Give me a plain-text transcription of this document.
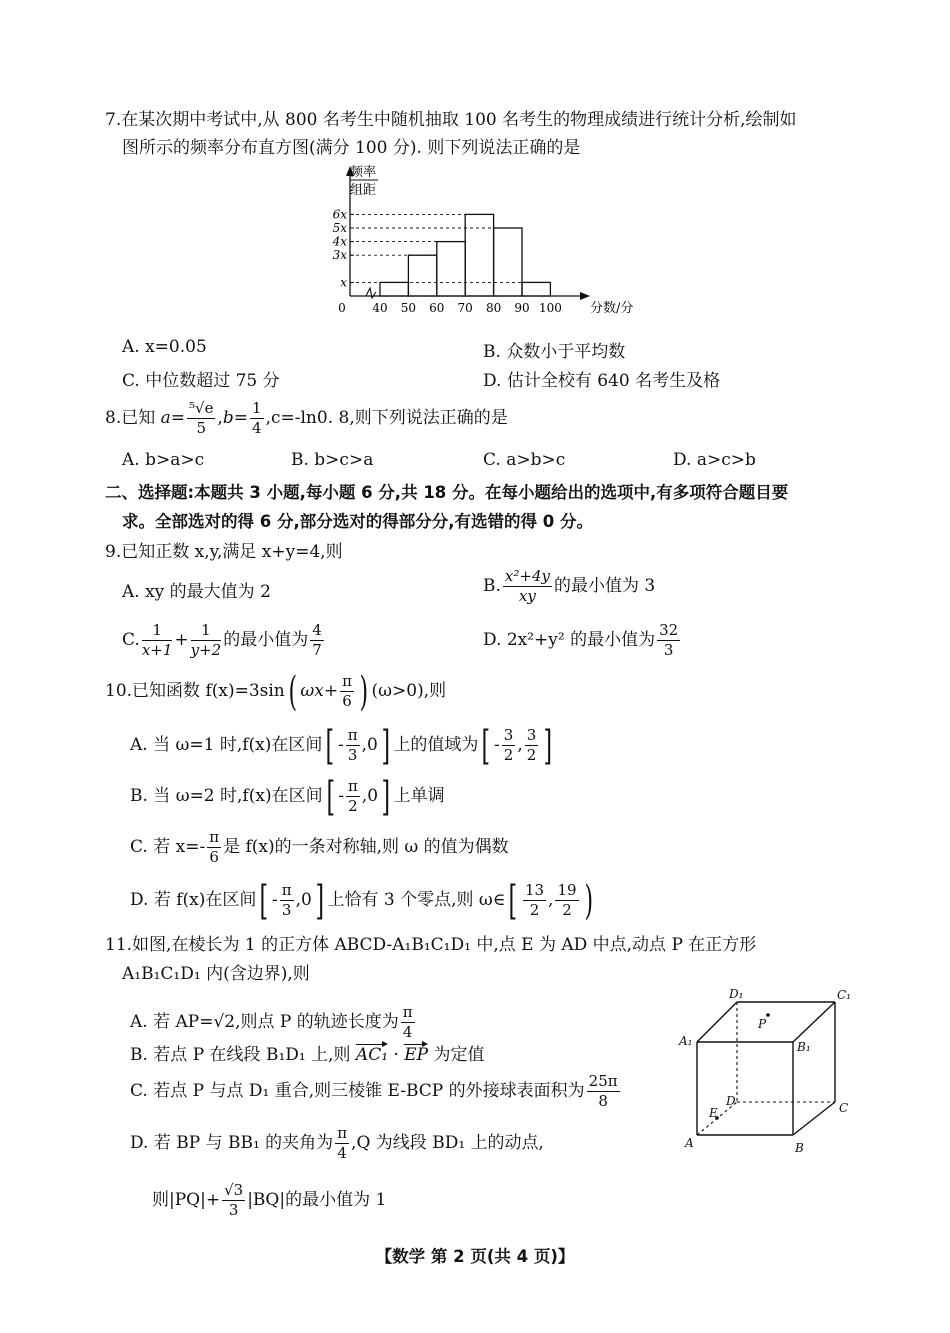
7.在某次期中考试中,从 800 名考生中随机抽取 100 名考生的物理成绩进行统计分析,绘制如
图所示的频率分布直方图(满分 100 分). 则下列说法正确的是
x
3x
4x
5x
6x
0 40 50 60 70 80 90 100
频率
组距
分数/分
A. x=0.05	B. 众数小于平均数
C. 中位数超过 75 分	D. 估计全校有 640 名考生及格
8.已知 $a= \frac{\text{⁵√e}}{5} ,b= \frac{1}{4} ,c=-\ln 0$. 8,则下列说法正确的是
A. b>a>c	B. b>c>a	C. a>b>c	D. a>c>b
二、选择题:本题共 3 小题,每小题 6 分,共 18 分。在每小题给出的选项中,有多项符合题目要
求。全部选对的得 6 分,部分选对的得部分分,有选错的得 0 分。
9.已知正数 x,y,满足 x+y=4,则
A. xy 的最大值为 2	B. $\frac{\text{x²+4y}}{xy}$ 的最小值为 3
C. $\frac{1}{x+1} + \frac{1}{y+2}$ 的最小值为 $\frac{4}{7}$	D. 2x²+y² 的最小值为 $\frac{32}{3}$
10.已知函数 f(x)=3sin( $\omega x+ \frac{\pi}{6}$ ) (ω>0),则
A. 当 ω=1 时,f(x)在区间[ - $\frac{\pi}{3} ,0$] 上的值域为[ - $\frac{3}{2}$ , $\frac{3}{2}$ ]
B. 当 ω=2 时,f(x)在区间[ - $\frac{\pi}{2} ,0$] 上单调
C. 若 $x=- \frac{\pi}{6}$ 是 f(x)的一条对称轴,则 ω 的值为偶数
D. 若 f(x)在区间[ - $\frac{\pi}{3} ,0$] 上恰有 3 个零点,则 ω∈[ $\frac{13}{2}$ , $\frac{19}{2}$ )
11.如图,在棱长为 1 的正方体 ABCD-A₁B₁C₁D₁ 中,点 E 为 AD 中点,动点 P 在正方形
A₁B₁C₁D₁ 内(含边界),则
A. 若 AP=√2,则点 P 的轨迹长度为 $\frac{\pi}{4}$
B. 若点 P 在线段 B₁D₁ 上,则 AC₁ · EP 为定值
C. 若点 P 与点 D₁ 重合,则三棱锥 E-BCP 的外接球表面积为 $\frac{25\pi}{8}$
D. 若 BP 与 BB₁ 的夹角为 $\frac{\pi}{4} ,Q$ 为线段 BD₁ 上的动点,
则$|PQ|+ \frac{√3}{3} |BQ|$的最小值为 1
D₁	C₁
A₁	B₁
P
D	C
E
A	B
【数学 第 2 页(共 4 页)】
